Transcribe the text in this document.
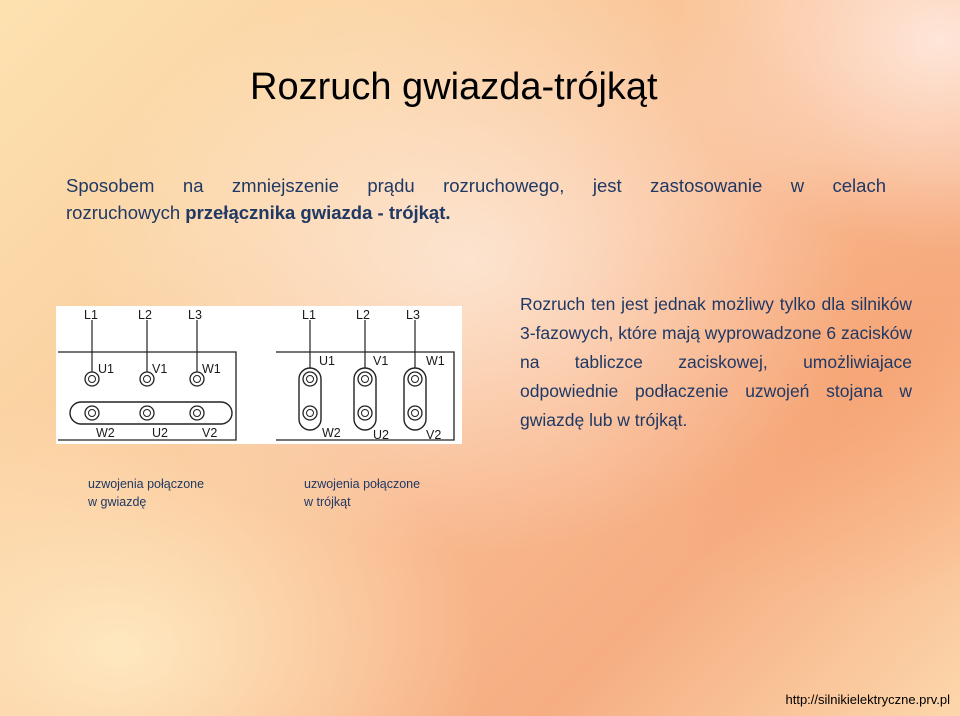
Rozruch gwiazda-trójkąt
Sposobem na zmniejszenie prądu rozruchowego, jest zastosowanie w celach
rozruchowych przełącznika gwiazda - trójkąt.
Rozruch ten jest jednak możliwy tylko dla silników 3-fazowych, które mają wyprowadzone 6 zacisków na tabliczce zaciskowej, umożliwiajace odpowiednie podłaczenie uzwojeń stojana w gwiazdę lub w trójkąt.
L1	L2	L3
U1	V1	W1
W2	U2	V2
L1	L2	L3
U1	V1	W1
W2	U2	V2
uzwojenia połączone
w gwiazdę
uzwojenia połączone
w trójkąt
http://silnikielektryczne.prv.pl
